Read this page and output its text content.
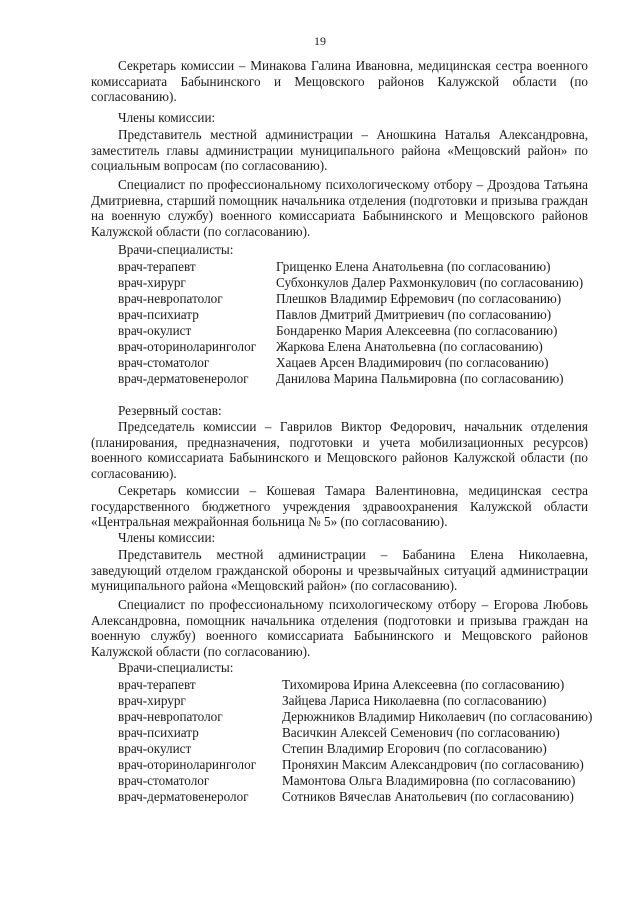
19
Секретарь комиссии – Минакова Галина Ивановна, медицинская сестра военного комиссариата Бабынинского и Мещовского районов Калужской области (по согласованию).
Члены комиссии:
Представитель местной администрации – Аношкина Наталья Александровна, заместитель главы администрации муниципального района «Мещовский район» по социальным вопросам (по согласованию).
Специалист по профессиональному психологическому отбору – Дроздова Татьяна Дмитриевна, старший помощник начальника отделения (подготовки и призыва граждан на военную службу) военного комиссариата Бабынинского и Мещовского районов Калужской области (по согласованию).
Врачи-специалисты:
врач-терапевт	Грищенко Елена Анатольевна (по согласованию)
врач-хирург	Субхонкулов Далер Рахмонкулович (по согласованию)
врач-невропатолог	Плешков Владимир Ефремович (по согласованию)
врач-психиатр	Павлов Дмитрий Дмитриевич (по согласованию)
врач-окулист	Бондаренко Мария Алексеевна (по согласованию)
врач-оториноларинголог Жаркова Елена Анатольевна (по согласованию)
врач-стоматолог	Хацаев Арсен Владимирович (по согласованию)
врач-дерматовенеролог Данилова Марина Пальмировна (по согласованию)
Резервный состав:
Председатель комиссии – Гаврилов Виктор Федорович, начальник отделения (планирования, предназначения, подготовки и учета мобилизационных ресурсов) военного комиссариата Бабынинского и Мещовского районов Калужской области (по согласованию).
Секретарь комиссии – Кошевая Тамара Валентиновна, медицинская сестра государственного бюджетного учреждения здравоохранения Калужской области «Центральная межрайонная больница № 5» (по согласованию).
Члены комиссии:
Представитель местной администрации – Бабанина Елена Николаевна, заведующий отделом гражданской обороны и чрезвычайных ситуаций администрации муниципального района «Мещовский район» (по согласованию).
Специалист по профессиональному психологическому отбору – Егорова Любовь Александровна, помощник начальника отделения (подготовки и призыва граждан на военную службу) военного комиссариата Бабынинского и Мещовского районов Калужской области (по согласованию).
Врачи-специалисты:
врач-терапевт	Тихомирова Ирина Алексеевна (по согласованию)
врач-хирург	Зайцева Лариса Николаевна (по согласованию)
врач-невропатолог	Дерюжников Владимир Николаевич (по согласованию)
врач-психиатр	Васичкин Алексей Семенович (по согласованию)
врач-окулист	Степин Владимир Егорович (по согласованию)
врач-оториноларинголог Проняхин Максим Александрович (по согласованию)
врач-стоматолог	Мамонтова Ольга Владимировна (по согласованию)
врач-дерматовенеролог	Сотников Вячеслав Анатольевич (по согласованию)
